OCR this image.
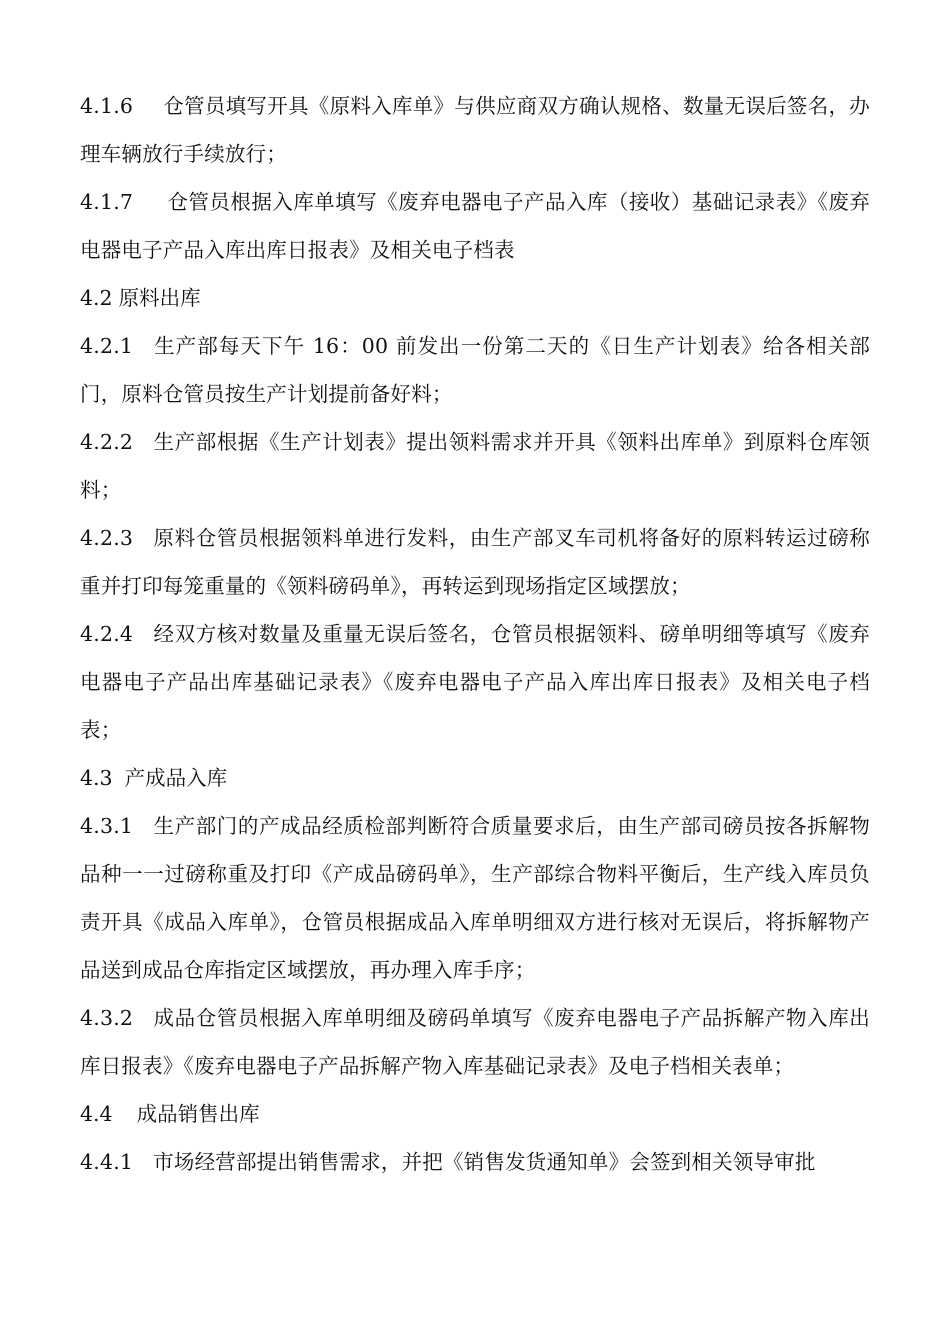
4.1.6 仓管员填写开具《原料入库单》与供应商双方确认规格、数量无误后签名，办理车辆放行手续放行；

4.1.7 仓管员根据入库单填写《废弃电器电子产品入库（接收）基础记录表》《废弃电器电子产品入库出库日报表》及相关电子档表

4.2 原料出库

4.2.1 生产部每天下午 16：00 前发出一份第二天的《日生产计划表》给各相关部门，原料仓管员按生产计划提前备好料；

4.2.2 生产部根据《生产计划表》提出领料需求并开具《领料出库单》到原料仓库领料；

4.2.3 原料仓管员根据领料单进行发料，由生产部叉车司机将备好的原料转运过磅称重并打印每笼重量的《领料磅码单》，再转运到现场指定区域摆放；

4.2.4 经双方核对数量及重量无误后签名，仓管员根据领料、磅单明细等填写《废弃电器电子产品出库基础记录表》《废弃电器电子产品入库出库日报表》及相关电子档表；

4.3 产成品入库

4.3.1 生产部门的产成品经质检部判断符合质量要求后，由生产部司磅员按各拆解物品种一一过磅称重及打印《产成品磅码单》，生产部综合物料平衡后，生产线入库员负责开具《成品入库单》，仓管员根据成品入库单明细双方进行核对无误后，将拆解物产品送到成品仓库指定区域摆放，再办理入库手序；

4.3.2 成品仓管员根据入库单明细及磅码单填写《废弃电器电子产品拆解产物入库出库日报表》《废弃电器电子产品拆解产物入库基础记录表》及电子档相关表单；

4.4 成品销售出库

4.4.1 市场经营部提出销售需求，并把《销售发货通知单》会签到相关领导审批
